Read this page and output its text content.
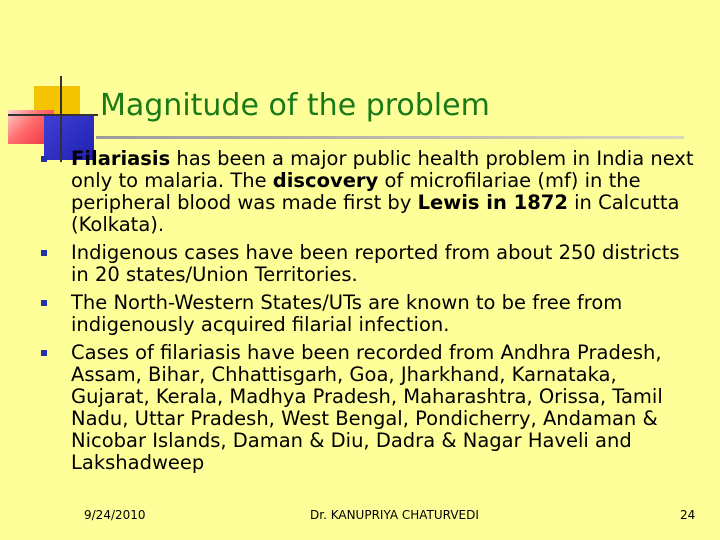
Magnitude of the problem
Filariasis has been a major public health problem in India next only to malaria. The discovery of microfilariae (mf) in the peripheral blood was made first by Lewis in 1872 in Calcutta (Kolkata).
Indigenous cases have been reported from about 250 districts in 20 states/Union Territories.
The North-Western States/UTs are known to be free from indigenously acquired filarial infection.
Cases of filariasis have been recorded from Andhra Pradesh, Assam, Bihar, Chhattisgarh, Goa, Jharkhand, Karnataka, Gujarat, Kerala, Madhya Pradesh, Maharashtra, Orissa, Tamil Nadu, Uttar Pradesh, West Bengal, Pondicherry, Andaman & Nicobar Islands, Daman & Diu, Dadra & Nagar Haveli and Lakshadweep
9/24/2010	Dr. KANUPRIYA CHATURVEDI	24
